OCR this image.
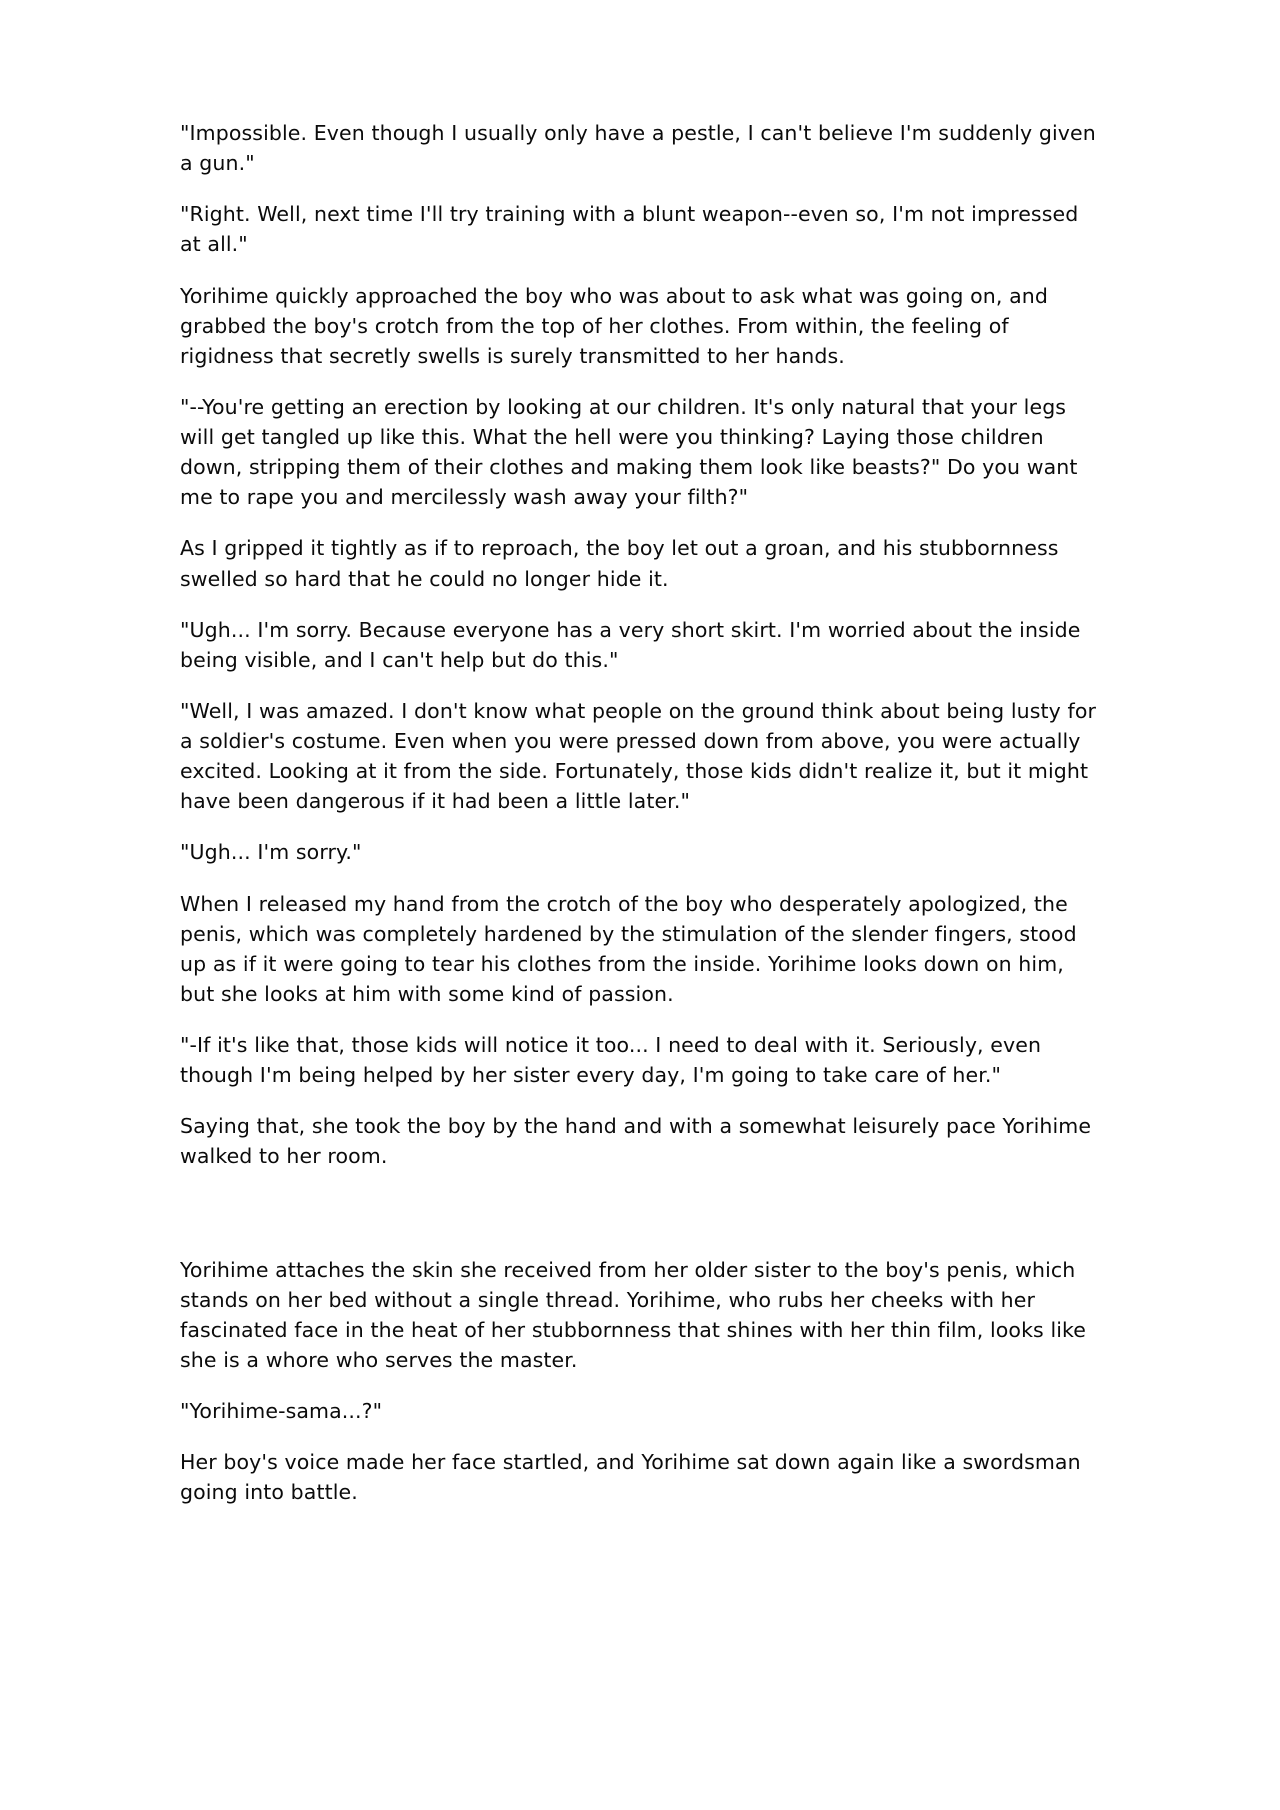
"Impossible. Even though I usually only have a pestle, I can't believe I'm suddenly given a gun."

"Right. Well, next time I'll try training with a blunt weapon--even so, I'm not impressed at all."

Yorihime quickly approached the boy who was about to ask what was going on, and grabbed the boy's crotch from the top of her clothes. From within, the feeling of rigidness that secretly swells is surely transmitted to her hands.

"--You're getting an erection by looking at our children. It's only natural that your legs will get tangled up like this. What the hell were you thinking? Laying those children down, stripping them of their clothes and making them look like beasts?" Do you want me to rape you and mercilessly wash away your filth?"

As I gripped it tightly as if to reproach, the boy let out a groan, and his stubbornness swelled so hard that he could no longer hide it.

"Ugh... I'm sorry. Because everyone has a very short skirt. I'm worried about the inside being visible, and I can't help but do this."

"Well, I was amazed. I don't know what people on the ground think about being lusty for a soldier's costume. Even when you were pressed down from above, you were actually excited. Looking at it from the side. Fortunately, those kids didn't realize it, but it might have been dangerous if it had been a little later."

"Ugh... I'm sorry."

When I released my hand from the crotch of the boy who desperately apologized, the penis, which was completely hardened by the stimulation of the slender fingers, stood up as if it were going to tear his clothes from the inside. Yorihime looks down on him, but she looks at him with some kind of passion.

"-If it's like that, those kids will notice it too... I need to deal with it. Seriously, even though I'm being helped by her sister every day, I'm going to take care of her."

Saying that, she took the boy by the hand and with a somewhat leisurely pace Yorihime walked to her room.

Yorihime attaches the skin she received from her older sister to the boy's penis, which stands on her bed without a single thread. Yorihime, who rubs her cheeks with her fascinated face in the heat of her stubbornness that shines with her thin film, looks like she is a whore who serves the master.

"Yorihime-sama...?"

Her boy's voice made her face startled, and Yorihime sat down again like a swordsman going into battle.
